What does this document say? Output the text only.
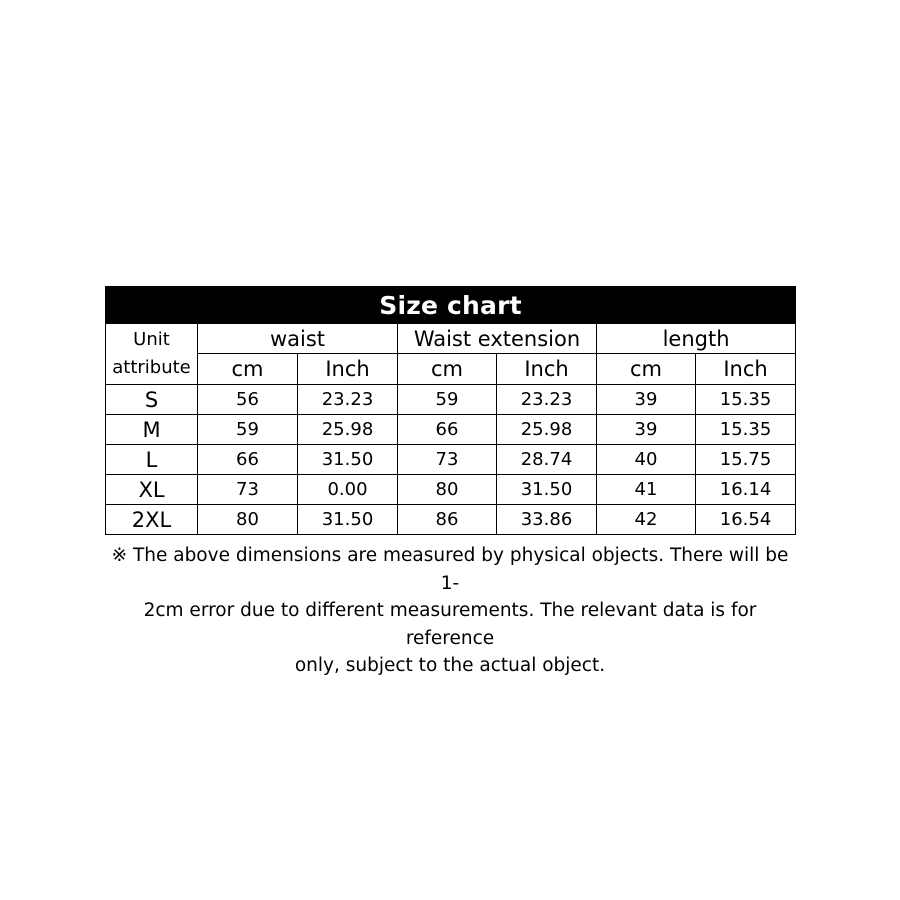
Size chart						
Unit
attribute	waist		Waist extension		length	
	cm	Inch	cm	Inch	cm	Inch
S	56	23.23	59	23.23	39	15.35
M	59	25.98	66	25.98	39	15.35
L	66	31.50	73	28.74	40	15.75
XL	73	0.00	80	31.50	41	16.14
2XL	80	31.50	86	33.86	42	16.54
※ The above dimensions are measured by physical objects. There will be 1-
2cm error due to different measurements. The relevant data is for reference
only, subject to the actual object.
